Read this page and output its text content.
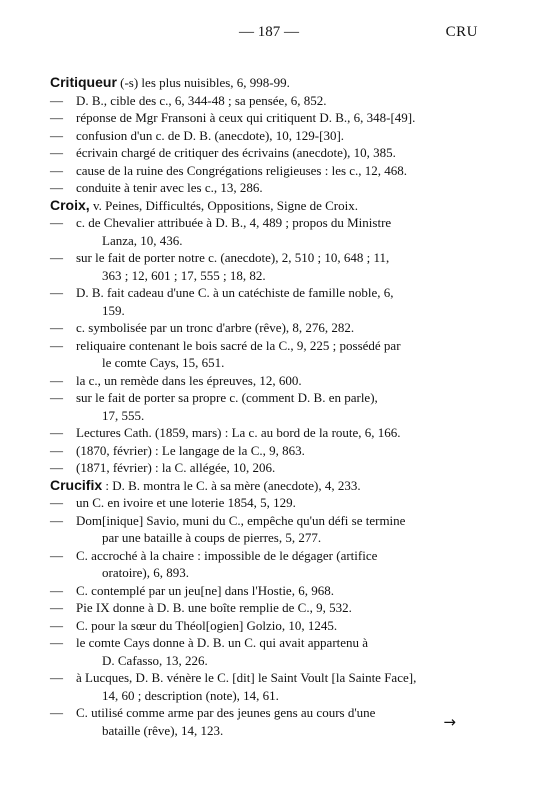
— 187 —	CRU
Critiqueur (-s) les plus nuisibles, 6, 998-99.
— D. B., cible des c., 6, 344-48 ; sa pensée, 6, 852.
— réponse de Mgr Fransoni à ceux qui critiquent D. B., 6, 348-[49].
— confusion d'un c. de D. B. (anecdote), 10, 129-[30].
— écrivain chargé de critiquer des écrivains (anecdote), 10, 385.
— cause de la ruine des Congrégations religieuses : les c., 12, 468.
— conduite à tenir avec les c., 13, 286.
Croix, v. Peines, Difficultés, Oppositions, Signe de Croix.
— c. de Chevalier attribuée à D. B., 4, 489 ; propos du Ministre
Lanza, 10, 436.
— sur le fait de porter notre c. (anecdote), 2, 510 ; 10, 648 ; 11,
363 ; 12, 601 ; 17, 555 ; 18, 82.
— D. B. fait cadeau d'une C. à un catéchiste de famille noble, 6,
159.
— c. symbolisée par un tronc d'arbre (rêve), 8, 276, 282.
— reliquaire contenant le bois sacré de la C., 9, 225 ; possédé par
le comte Cays, 15, 651.
— la c., un remède dans les épreuves, 12, 600.
— sur le fait de porter sa propre c. (comment D. B. en parle),
17, 555.
— Lectures Cath. (1859, mars) : La c. au bord de la route, 6, 166.
— (1870, février) : Le langage de la C., 9, 863.
— (1871, février) : la C. allégée, 10, 206.
Crucifix : D. B. montra le C. à sa mère (anecdote), 4, 233.
— un C. en ivoire et une loterie 1854, 5, 129.
— Dom[inique] Savio, muni du C., empêche qu'un défi se termine
par une bataille à coups de pierres, 5, 277.
— C. accroché à la chaire : impossible de le dégager (artifice
oratoire), 6, 893.
— C. contemplé par un jeu[ne] dans l'Hostie, 6, 968.
— Pie IX donne à D. B. une boîte remplie de C., 9, 532.
— C. pour la sœur du Théol[ogien] Golzio, 10, 1245.
— le comte Cays donne à D. B. un C. qui avait appartenu à
D. Cafasso, 13, 226.
— à Lucques, D. B. vénère le C. [dit] le Saint Voult [la Sainte Face],
14, 60 ; description (note), 14, 61.
— C. utilisé comme arme par des jeunes gens au cours d'une
bataille (rêve), 14, 123.	→
